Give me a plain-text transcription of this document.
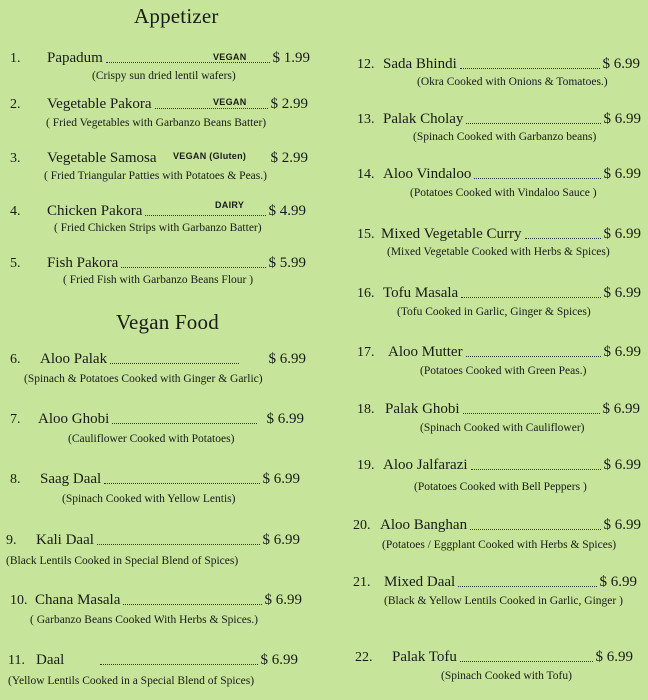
Appetizer
1.	Papadum	$ 1.99
VEGAN
(Crispy sun dried lentil wafers)
2.	Vegetable Pakora	$ 2.99
VEGAN
( Fried Vegetables with Garbanzo Beans Batter)
3.	Vegetable Samosa	$ 2.99
VEGAN (Gluten)
( Fried Triangular Patties with Potatoes & Peas.)
4.	Chicken Pakora	$ 4.99
DAIRY
( Fried Chicken Strips with Garbanzo Batter)
5.	Fish Pakora	$ 5.99
( Fried Fish with Garbanzo Beans Flour )
Vegan Food
6.	Aloo Palak	$ 6.99
(Spinach & Potatoes Cooked with Ginger & Garlic)
7.	Aloo Ghobi	$ 6.99
(Cauliflower Cooked with Potatoes)
8.	Saag Daal	$ 6.99
(Spinach Cooked with Yellow Lentis)
9.	Kali Daal	$ 6.99
(Black Lentils Cooked in Special Blend of Spices)
10. Chana Masala	$ 6.99
( Garbanzo Beans Cooked With Herbs & Spices.)
11. Daal	$ 6.99
(Yellow Lentils Cooked in a Special Blend of Spices)
12. Sada Bhindi	$ 6.99
(Okra Cooked with Onions & Tomatoes.)
13. Palak Cholay	$ 6.99
(Spinach Cooked with Garbanzo beans)
14. Aloo Vindaloo	$ 6.99
(Potatoes Cooked with Vindaloo Sauce )
15. Mixed Vegetable Curry	$ 6.99
(Mixed Vegetable Cooked with Herbs & Spices)
16. Tofu Masala	$ 6.99
(Tofu Cooked in Garlic, Ginger & Spices)
17. Aloo Mutter	$ 6.99
(Potatoes Cooked with Green Peas.)
18. Palak Ghobi	$ 6.99
(Spinach Cooked with Cauliflower)
19. Aloo Jalfarazi	$ 6.99
(Potatoes Cooked with Bell Peppers )
20. Aloo Banghan	$ 6.99
(Potatoes / Eggplant Cooked with Herbs & Spices)
21. Mixed Daal	$ 6.99
(Black & Yellow Lentils Cooked in Garlic, Ginger )
22.	Palak Tofu	$ 6.99
(Spinach Cooked with Tofu)
